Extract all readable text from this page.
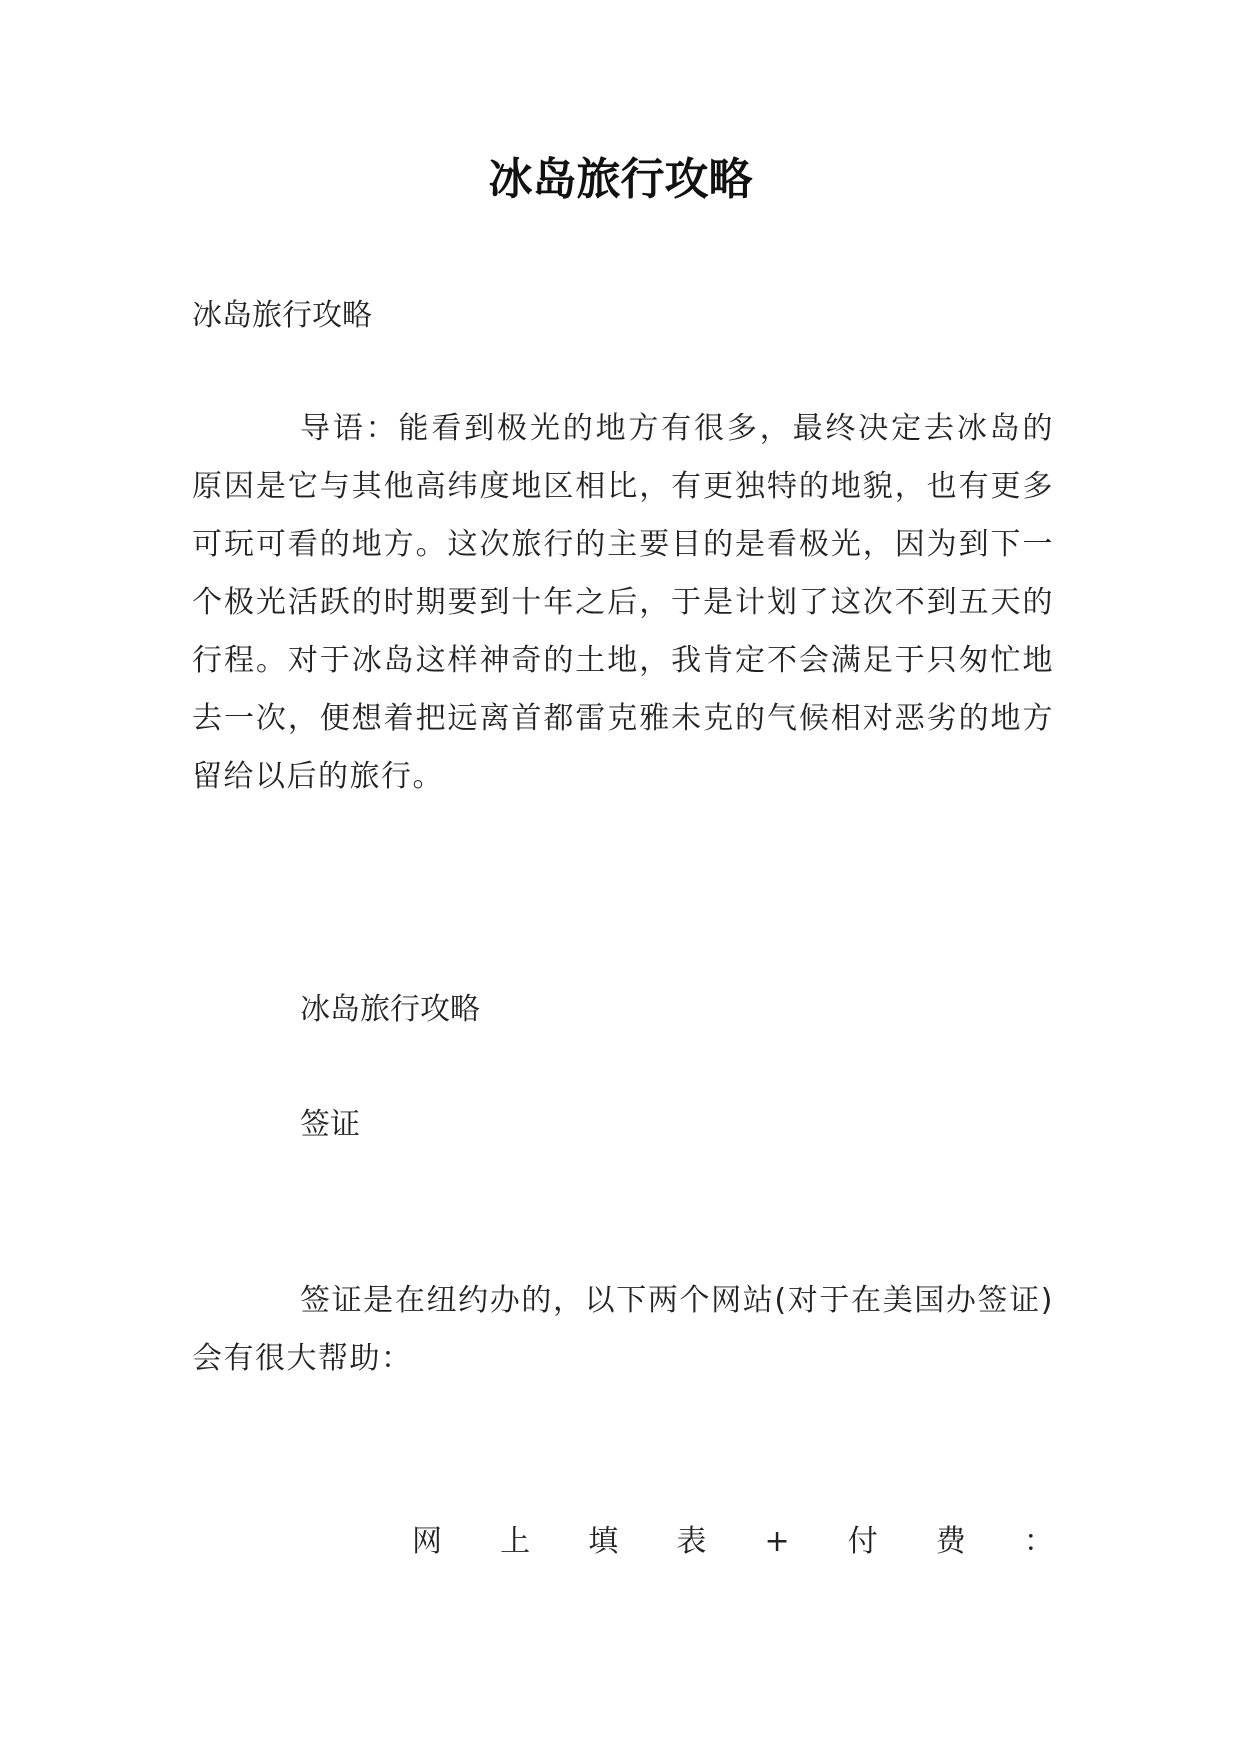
冰岛旅行攻略

冰岛旅行攻略

导语：能看到极光的地方有很多，最终决定去冰岛的原因是它与其他高纬度地区相比，有更独特的地貌，也有更多可玩可看的地方。这次旅行的主要目的是看极光，因为到下一个极光活跃的时期要到十年之后，于是计划了这次不到五天的行程。对于冰岛这样神奇的土地，我肯定不会满足于只匆忙地去一次，便想着把远离首都雷克雅未克的气候相对恶劣的地方留给以后的旅行。

冰岛旅行攻略

签证

签证是在纽约办的，以下两个网站(对于在美国办签证)会有很大帮助：

网 上 填 表 + 付 费 ：
